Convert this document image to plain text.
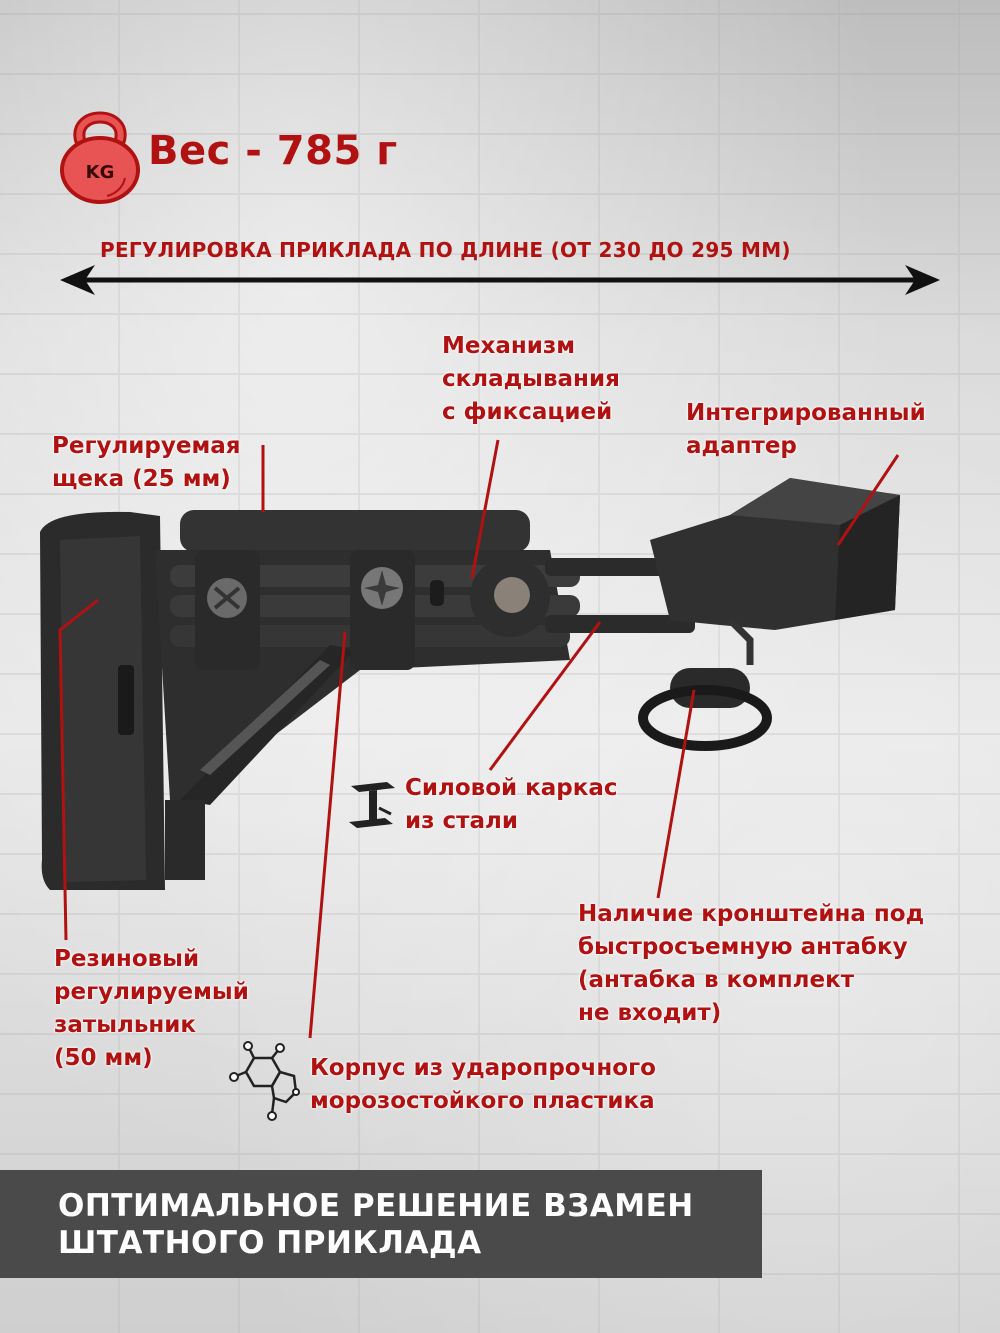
KG Вес - 785 г
РЕГУЛИРОВКА ПРИКЛАДА ПО ДЛИНЕ (ОТ 230 ДО 295 ММ)
Механизм
складывания
с фиксацией	Интегрированный
адаптер
Регулируемая
щека (25 мм)
Силовой каркас
из стали
Наличие кронштейна под
быстросъемную антабку
(антабка в комплект
не входит)
Резиновый
регулируемый
затыльник
(50 мм)	Корпус из ударопрочного
морозостойкого пластика
ОПТИМАЛЬНОЕ РЕШЕНИЕ ВЗАМЕН
ШТАТНОГО ПРИКЛАДА
